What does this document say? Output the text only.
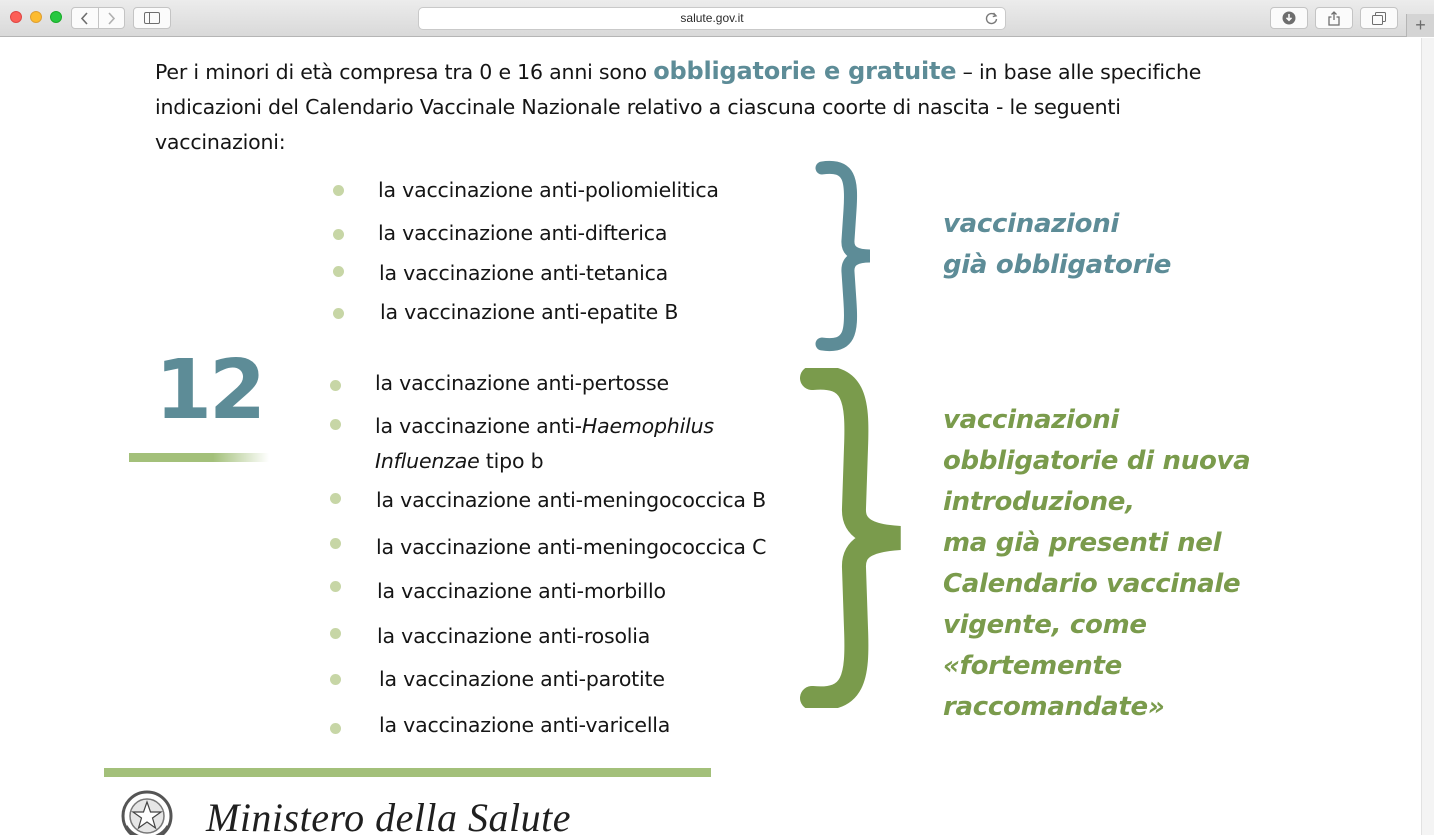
salute.gov.it	+

Per i minori di età compresa tra 0 e 16 anni sono obbligatorie e gratuite – in base alle specifiche indicazioni del Calendario Vaccinale Nazionale relativo a ciascuna coorte di nascita - le seguenti vaccinazioni:

la vaccinazione anti-poliomielitica
la vaccinazione anti-difterica
la vaccinazione anti-tetanica
la vaccinazione anti-epatite B
la vaccinazione anti-pertosse
la vaccinazione anti-Haemophilus
Influenzae tipo b
la vaccinazione anti-meningococcica B
la vaccinazione anti-meningococcica C
la vaccinazione anti-morbillo
la vaccinazione anti-rosolia
la vaccinazione anti-parotite
la vaccinazione anti-varicella
vaccinazioni
già obbligatorie
vaccinazioni
obbligatorie di nuova
introduzione,
ma già presenti nel
Calendario vaccinale
vigente, come
«fortemente
raccomandate»
12
Ministero della Salute
